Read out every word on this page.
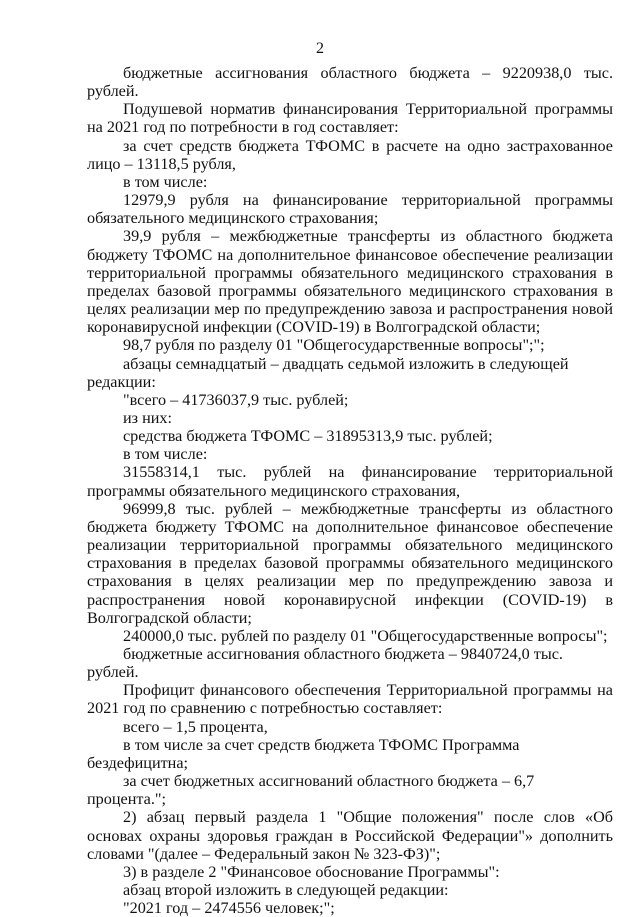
2

бюджетные ассигнования областного бюджета – 9220938,0 тыс. рублей.

Подушевой норматив финансирования Территориальной программы на 2021 год по потребности в год составляет:

за счет средств бюджета ТФОМС в расчете на одно застрахованное лицо – 13118,5 рубля,

в том числе:

12979,9 рубля на финансирование территориальной программы обязательного медицинского страхования;

39,9 рубля – межбюджетные трансферты из областного бюджета бюджету ТФОМС на дополнительное финансовое обеспечение реализации территориальной программы обязательного медицинского страхования в пределах базовой программы обязательного медицинского страхования в целях реализации мер по предупреждению завоза и распространения новой коронавирусной инфекции (COVID-19) в Волгоградской области;

98,7 рубля по разделу 01 "Общегосударственные вопросы";";

абзацы семнадцатый – двадцать седьмой изложить в следующей редакции:

"всего – 41736037,9 тыс. рублей;

из них:

средства бюджета ТФОМС – 31895313,9 тыс. рублей;

в том числе:

31558314,1 тыс. рублей на финансирование территориальной программы обязательного медицинского страхования,

96999,8 тыс. рублей – межбюджетные трансферты из областного бюджета бюджету ТФОМС на дополнительное финансовое обеспечение реализации территориальной программы обязательного медицинского страхования в пределах базовой программы обязательного медицинского страхования в целях реализации мер по предупреждению завоза и распространения новой коронавирусной инфекции (COVID-19) в Волгоградской области;

240000,0 тыс. рублей по разделу 01 "Общегосударственные вопросы";

бюджетные ассигнования областного бюджета – 9840724,0 тыс. рублей.

Профицит финансового обеспечения Территориальной программы на 2021 год по сравнению с потребностью составляет:

всего – 1,5 процента,

в том числе за счет средств бюджета ТФОМС Программа бездефицитна;

за счет бюджетных ассигнований областного бюджета – 6,7 процента.";

2) абзац первый раздела 1 "Общие положения" после слов «Об основах охраны здоровья граждан в Российской Федерации"» дополнить словами "(далее – Федеральный закон № 323-ФЗ)";

3) в разделе 2 "Финансовое обоснование Программы":

абзац второй изложить в следующей редакции:

"2021 год – 2474556 человек;";
